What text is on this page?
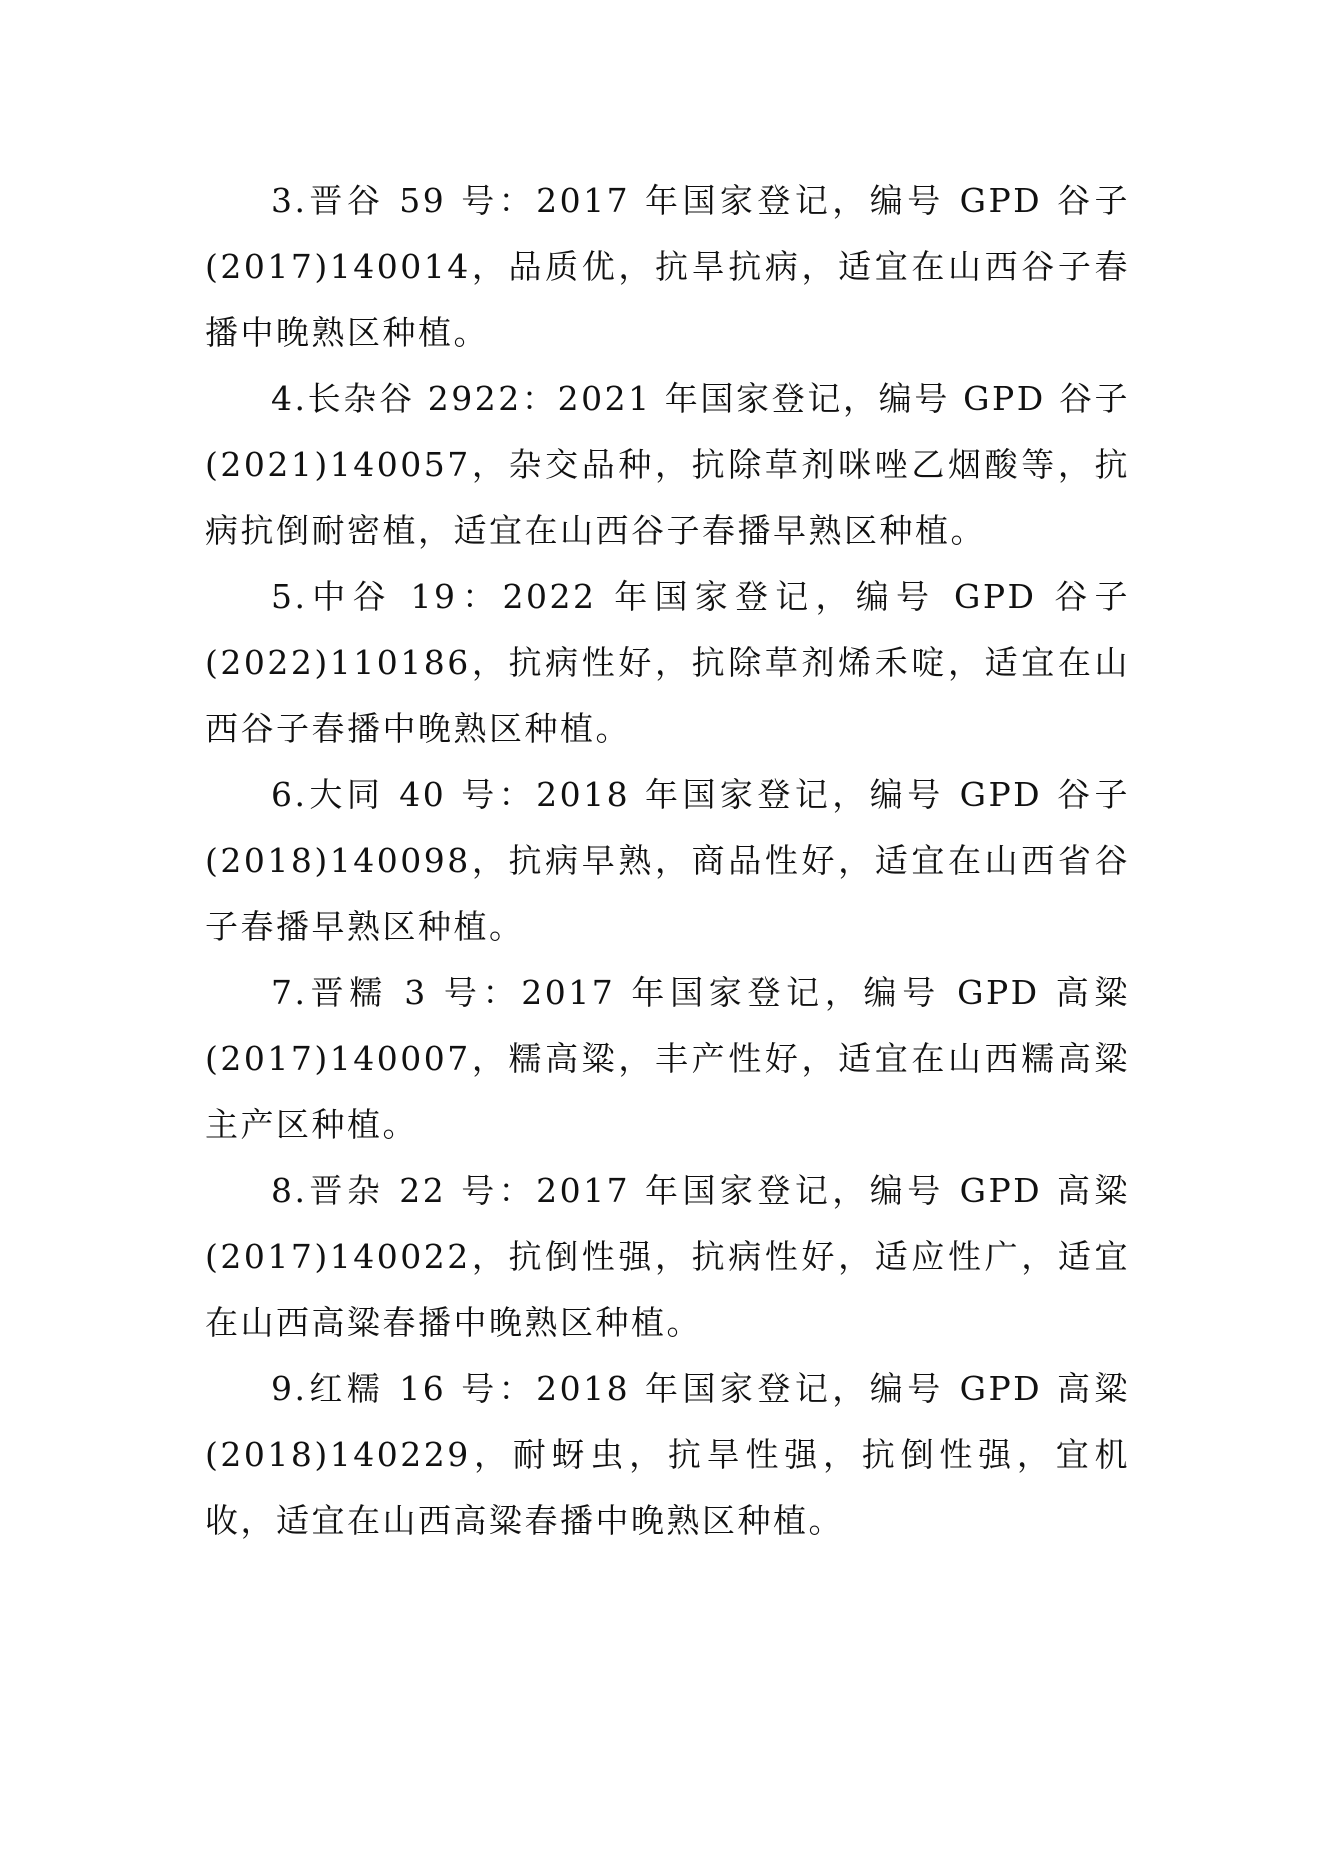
3.晋谷 59 号：2017 年国家登记，编号 GPD 谷子(2017)140014，品质优，抗旱抗病，适宜在山西谷子春播中晚熟区种植。

4.长杂谷 2922：2021 年国家登记，编号 GPD 谷子(2021)140057，杂交品种，抗除草剂咪唑乙烟酸等，抗病抗倒耐密植，适宜在山西谷子春播早熟区种植。

5.中谷 19：2022 年国家登记，编号 GPD 谷子(2022)110186，抗病性好，抗除草剂烯禾啶，适宜在山西谷子春播中晚熟区种植。

6.大同 40 号：2018 年国家登记，编号 GPD 谷子(2018)140098，抗病早熟，商品性好，适宜在山西省谷子春播早熟区种植。

7.晋糯 3 号：2017 年国家登记，编号 GPD 高粱(2017)140007，糯高粱，丰产性好，适宜在山西糯高粱主产区种植。

8.晋杂 22 号：2017 年国家登记，编号 GPD 高粱(2017)140022，抗倒性强，抗病性好，适应性广，适宜在山西高粱春播中晚熟区种植。

9.红糯 16 号：2018 年国家登记，编号 GPD 高粱(2018)140229，耐蚜虫，抗旱性强，抗倒性强，宜机收，适宜在山西高粱春播中晚熟区种植。
